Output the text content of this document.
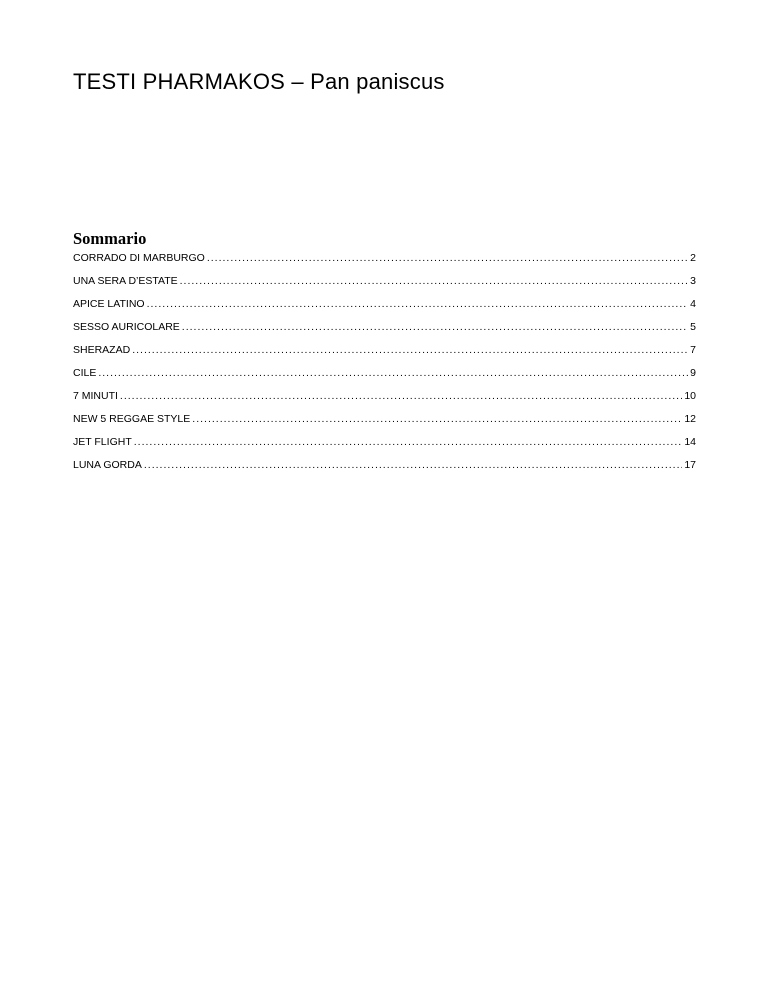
TESTI PHARMAKOS – Pan paniscus
Sommario
CORRADO DI MARBURGO .....	2
UNA SERA D’ESTATE .....	3
APICE LATINO .....	4
SESSO AURICOLARE .....	5
SHERAZAD .....	7
CILE .....	9
7 MINUTI .....	10
NEW 5 REGGAE STYLE .....	12
JET FLIGHT .....	14
LUNA GORDA .....	17
